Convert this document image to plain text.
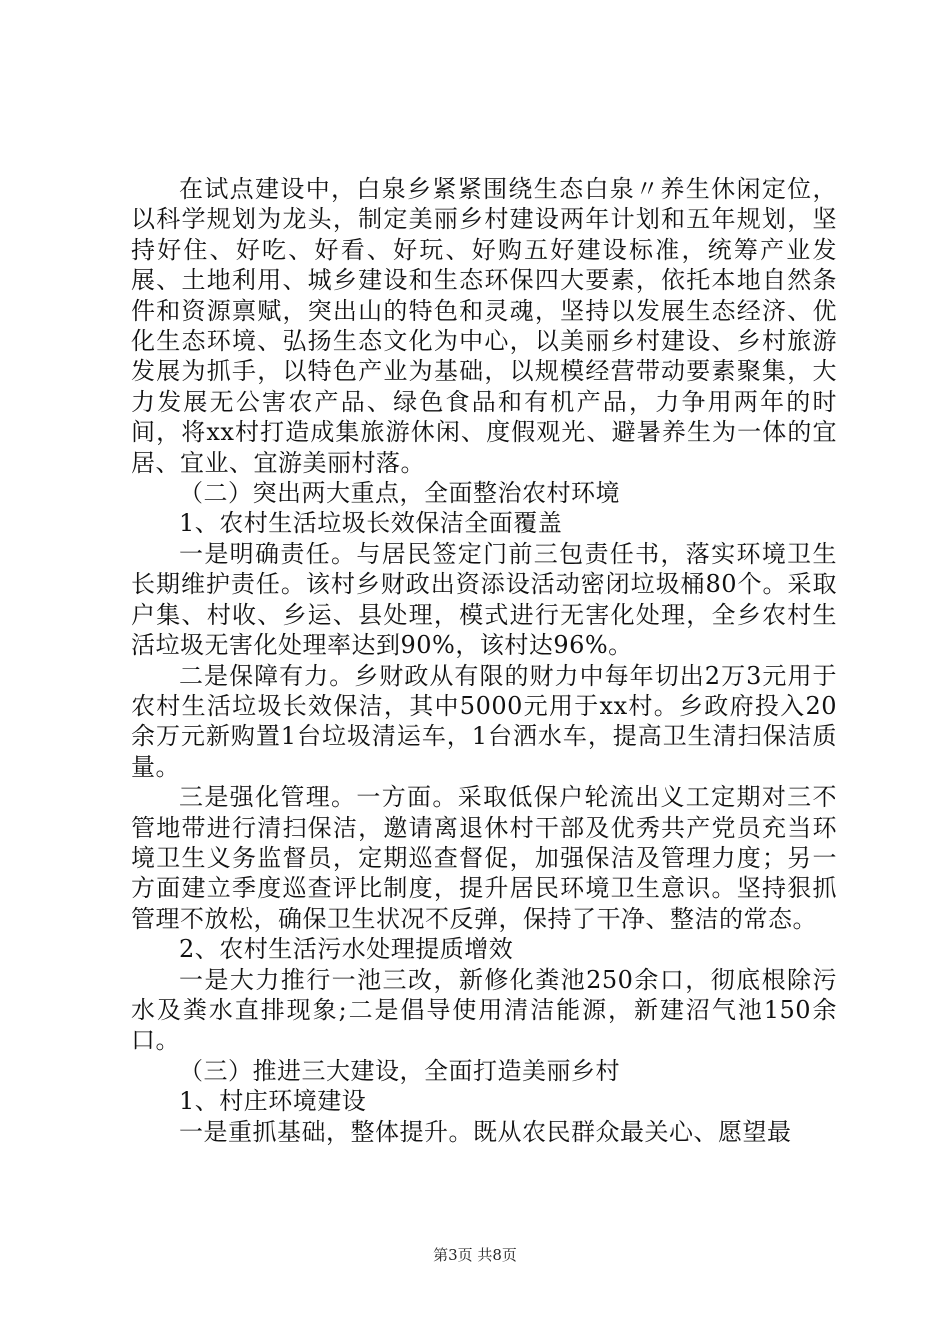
在试点建设中，白泉乡紧紧围绕生态白泉〃养生休闲定位，以科学规划为龙头，制定美丽乡村建设两年计划和五年规划，坚持好住、好吃、好看、好玩、好购五好建设标准，统筹产业发展、土地利用、城乡建设和生态环保四大要素，依托本地自然条件和资源禀赋，突出山的特色和灵魂，坚持以发展生态经济、优化生态环境、弘扬生态文化为中心，以美丽乡村建设、乡村旅游发展为抓手，以特色产业为基础，以规模经营带动要素聚集，大力发展无公害农产品、绿色食品和有机产品，力争用两年的时间，将xx村打造成集旅游休闲、度假观光、避暑养生为一体的宜居、宜业、宜游美丽村落。

（二）突出两大重点，全面整治农村环境

1、农村生活垃圾长效保洁全面覆盖

一是明确责任。与居民签定门前三包责任书，落实环境卫生长期维护责任。该村乡财政出资添设活动密闭垃圾桶80个。采取户集、村收、乡运、县处理，模式进行无害化处理，全乡农村生活垃圾无害化处理率达到90%，该村达96%。

二是保障有力。乡财政从有限的财力中每年切出2万3元用于农村生活垃圾长效保洁，其中5000元用于xx村。乡政府投入20余万元新购置1台垃圾清运车，1台洒水车，提高卫生清扫保洁质量。

三是强化管理。一方面。采取低保户轮流出义工定期对三不管地带进行清扫保洁，邀请离退休村干部及优秀共产党员充当环境卫生义务监督员，定期巡查督促，加强保洁及管理力度；另一方面建立季度巡查评比制度，提升居民环境卫生意识。坚持狠抓管理不放松，确保卫生状况不反弹，保持了干净、整洁的常态。

2、农村生活污水处理提质增效

一是大力推行一池三改，新修化粪池250余口，彻底根除污水及粪水直排现象;二是倡导使用清洁能源，新建沼气池150余口。

（三）推进三大建设，全面打造美丽乡村

1、村庄环境建设

一是重抓基础，整体提升。既从农民群众最关心、愿望最

第3页 共8页
